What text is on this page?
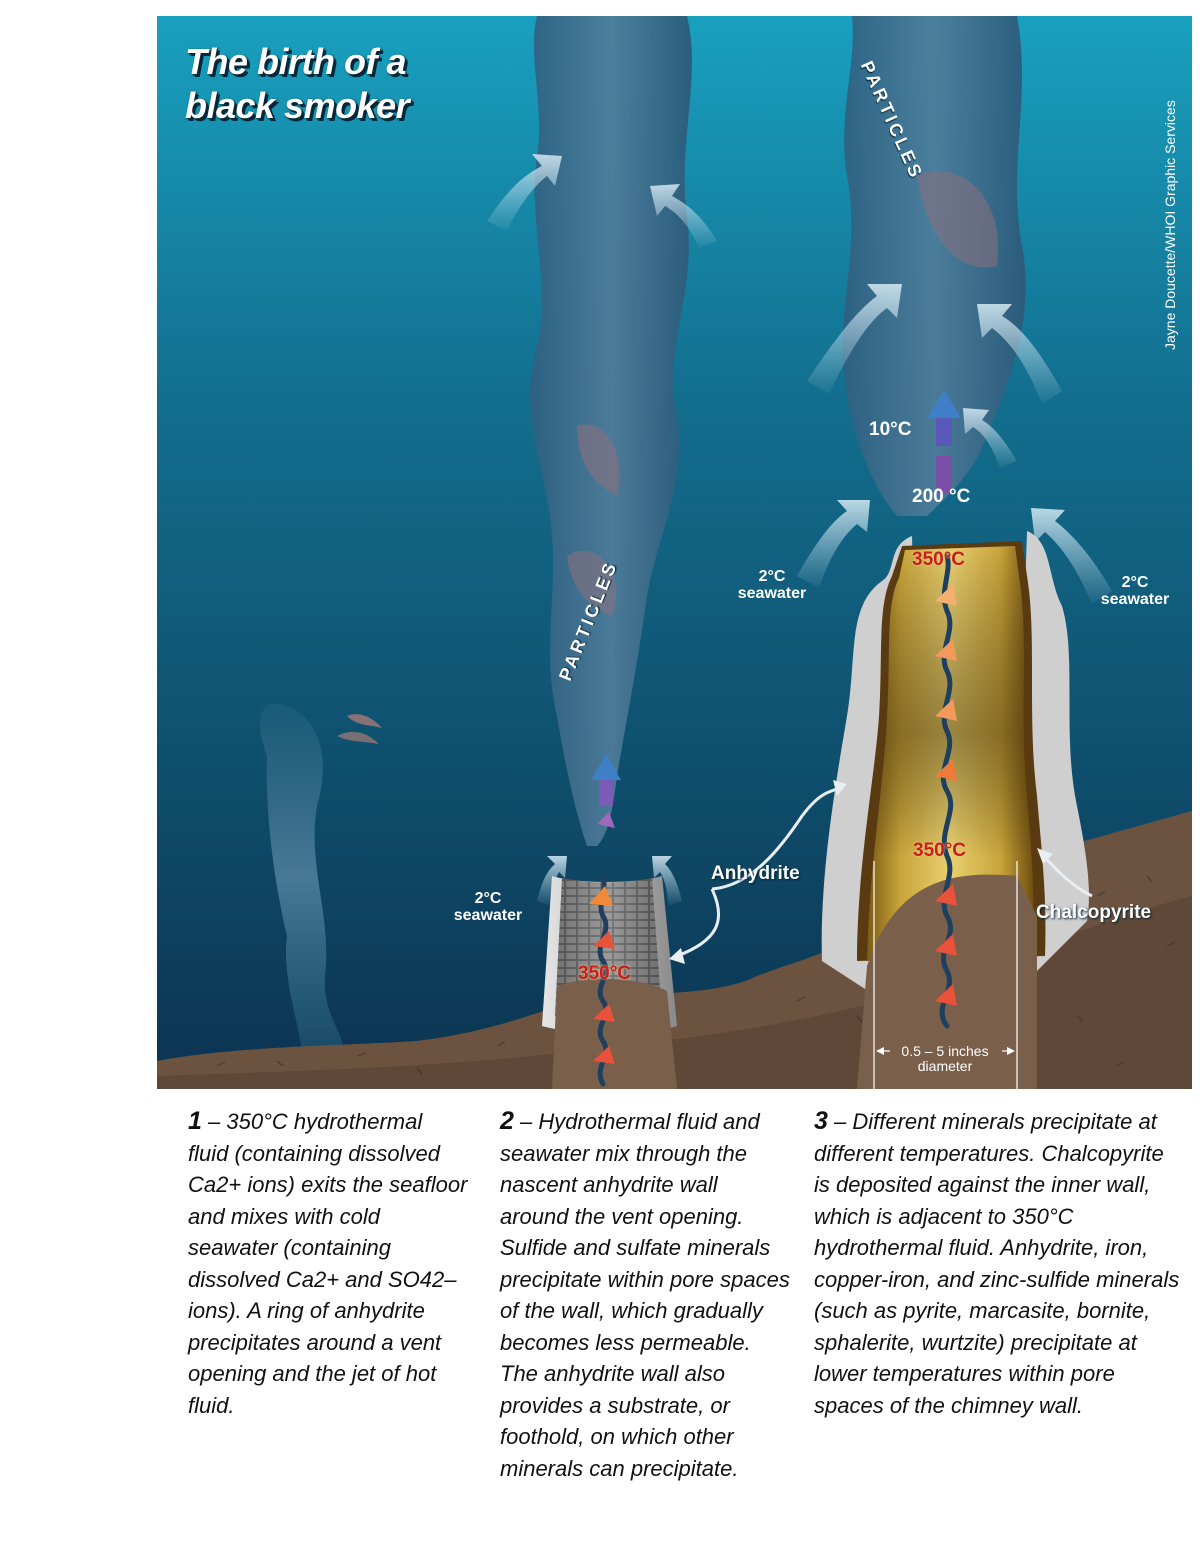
The birth of a
black smoker	Jayne Doucette/WHOI Graphic Services
PARTICLES
PARTICLES
2°C
seawater
2°C
seawater
2°C
seawater
350°C
350°C
350°C
200 °C
10°C
Anhydrite
Chalcopyrite
0.5 – 5 inches
diameter
1 – 350°C hydrothermal fluid (containing dissolved Ca2+ ions) exits the seafloor and mixes with cold seawater (containing dissolved Ca2+ and SO42– ions). A ring of anhydrite precipitates around a vent opening and the jet of hot fluid.
2 – Hydrothermal fluid and seawater mix through the nascent anhydrite wall around the vent opening. Sulfide and sulfate minerals precipitate within pore spaces of the wall, which gradually becomes less permeable. The anhydrite wall also provides a substrate, or foothold, on which other minerals can precipitate.
3 – Different minerals precipitate at different temperatures. Chalcopyrite is deposited against the inner wall, which is adjacent to 350°C hydrothermal fluid. Anhydrite, iron, copper-iron, and zinc-sulfide minerals (such as pyrite, marcasite, bornite, sphalerite, wurtzite) precipitate at lower temperatures within pore spaces of the chimney wall.
